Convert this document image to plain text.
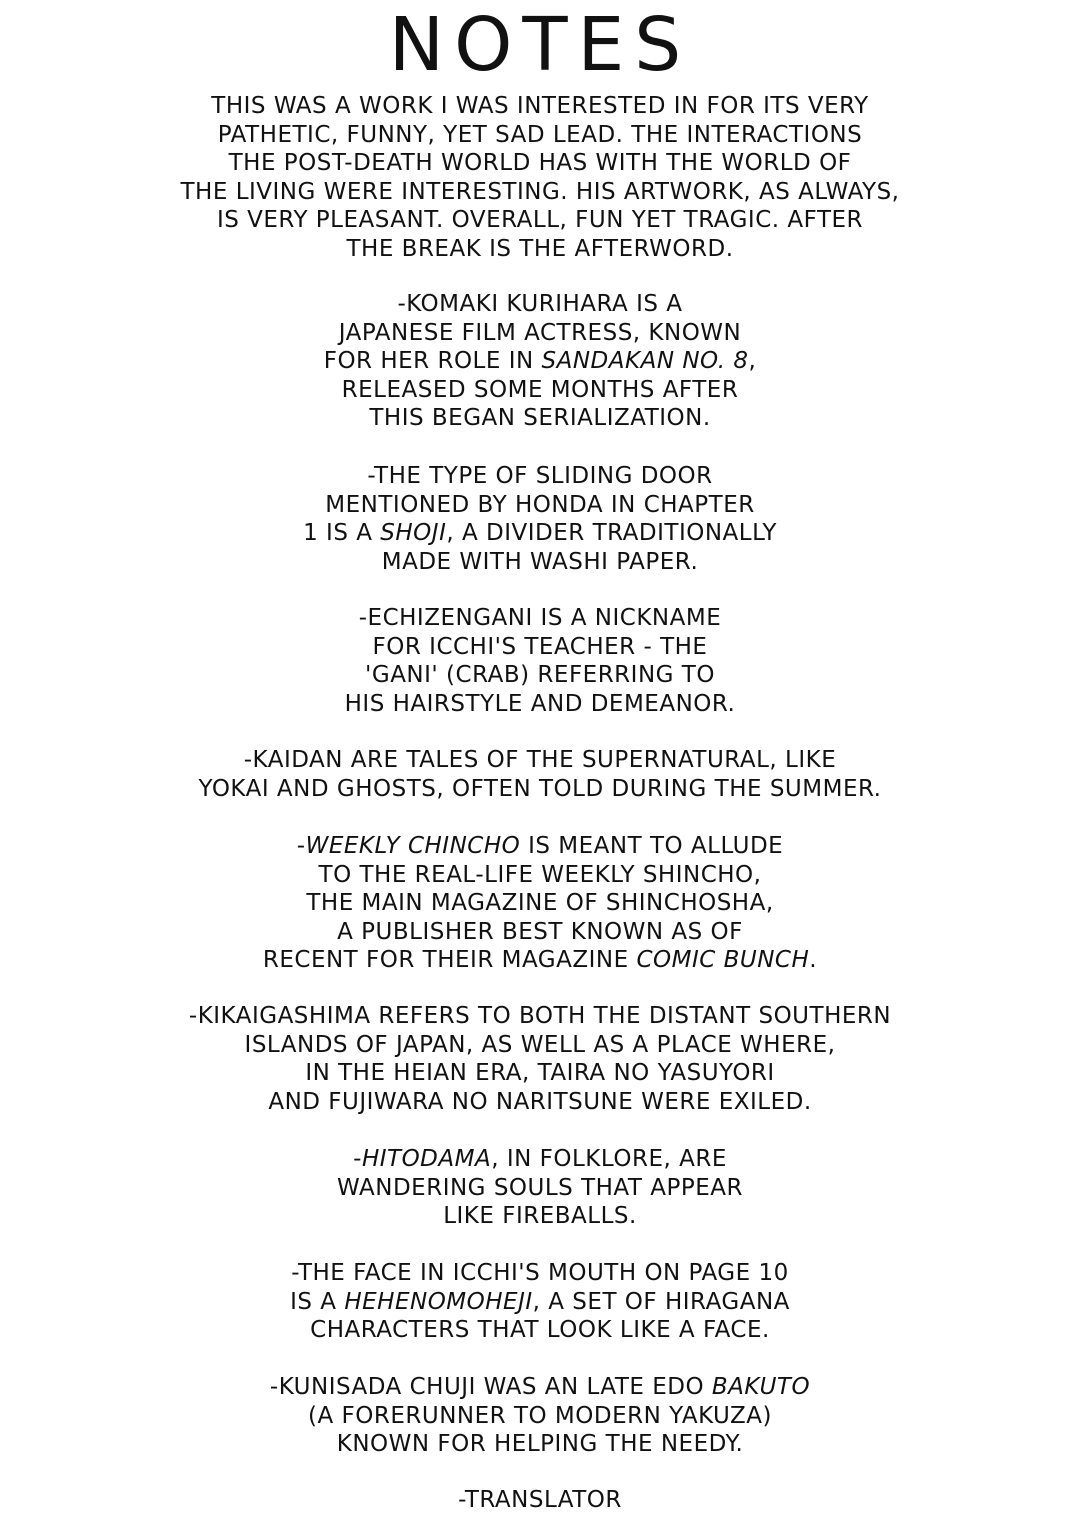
NOTES

THIS WAS A WORK I WAS INTERESTED IN FOR ITS VERY
PATHETIC, FUNNY, YET SAD LEAD. THE INTERACTIONS
THE POST-DEATH WORLD HAS WITH THE WORLD OF
THE LIVING WERE INTERESTING. HIS ARTWORK, AS ALWAYS,
IS VERY PLEASANT. OVERALL, FUN YET TRAGIC. AFTER
THE BREAK IS THE AFTERWORD.

-KOMAKI KURIHARA IS A
JAPANESE FILM ACTRESS, KNOWN
FOR HER ROLE IN SANDAKAN NO. 8,
RELEASED SOME MONTHS AFTER
THIS BEGAN SERIALIZATION.

-THE TYPE OF SLIDING DOOR
MENTIONED BY HONDA IN CHAPTER
1 IS A SHOJI, A DIVIDER TRADITIONALLY
MADE WITH WASHI PAPER.

-ECHIZENGANI IS A NICKNAME
FOR ICCHI'S TEACHER - THE
'GANI' (CRAB) REFERRING TO
HIS HAIRSTYLE AND DEMEANOR.

-KAIDAN ARE TALES OF THE SUPERNATURAL, LIKE
YOKAI AND GHOSTS, OFTEN TOLD DURING THE SUMMER.

-WEEKLY CHINCHO IS MEANT TO ALLUDE
TO THE REAL-LIFE WEEKLY SHINCHO,
THE MAIN MAGAZINE OF SHINCHOSHA,
A PUBLISHER BEST KNOWN AS OF
RECENT FOR THEIR MAGAZINE COMIC BUNCH.

-KIKAIGASHIMA REFERS TO BOTH THE DISTANT SOUTHERN
ISLANDS OF JAPAN, AS WELL AS A PLACE WHERE,
IN THE HEIAN ERA, TAIRA NO YASUYORI
AND FUJIWARA NO NARITSUNE WERE EXILED.

-HITODAMA, IN FOLKLORE, ARE
WANDERING SOULS THAT APPEAR
LIKE FIREBALLS.

-THE FACE IN ICCHI'S MOUTH ON PAGE 10
IS A HEHENOMOHEJI, A SET OF HIRAGANA
CHARACTERS THAT LOOK LIKE A FACE.

-KUNISADA CHUJI WAS AN LATE EDO BAKUTO
(A FORERUNNER TO MODERN YAKUZA)
KNOWN FOR HELPING THE NEEDY.

-TRANSLATOR
